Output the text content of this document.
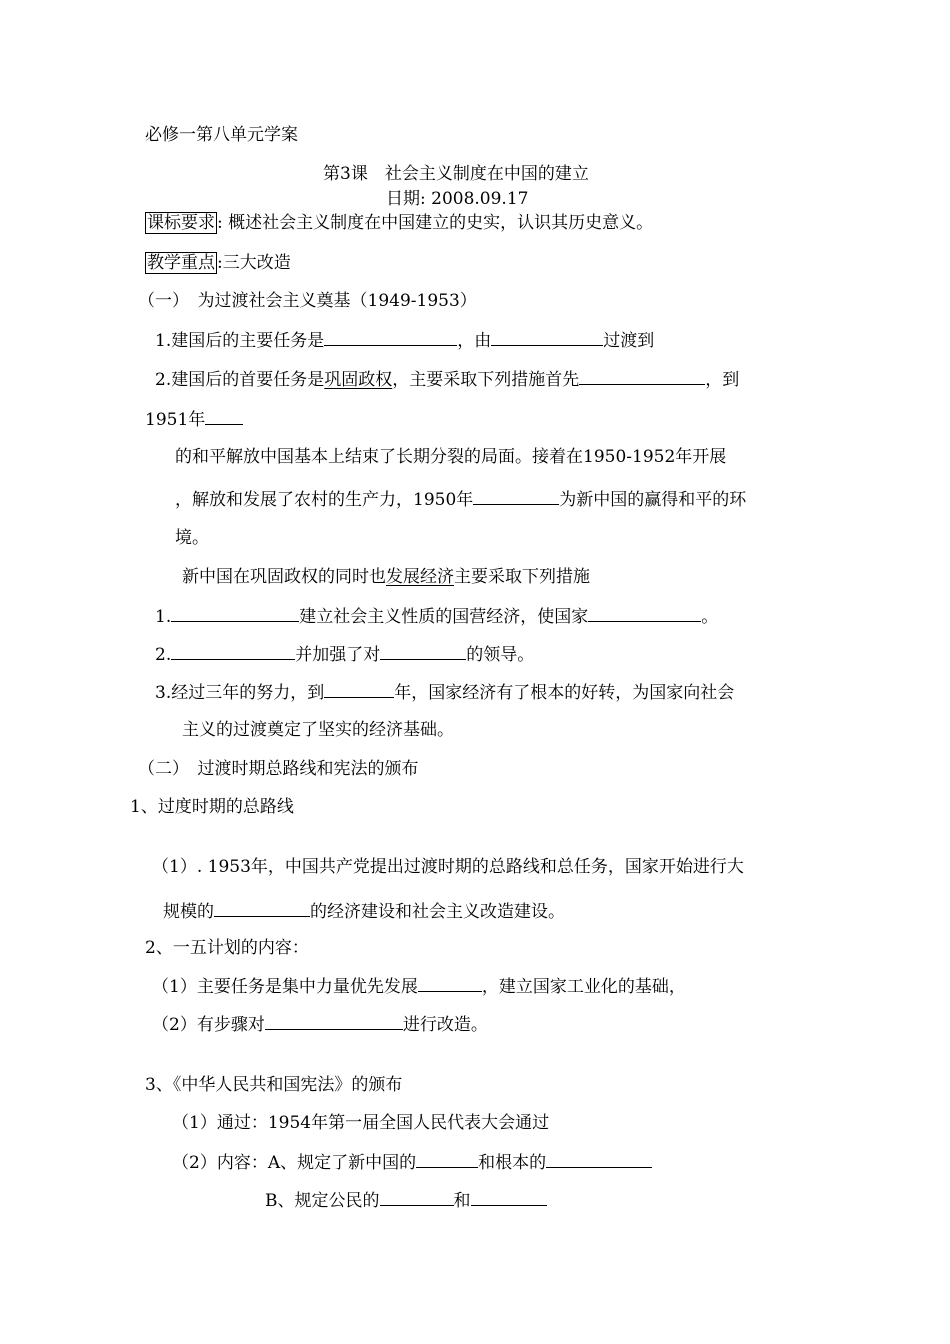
必修一第八单元学案
第3课　社会主义制度在中国的建立
日期: 2008.09.17
课标要求 : 概述社会主义制度在中国建立的史实，认识其历史意义。
教学重点 :三大改造
（一）　为过渡社会主义奠基（1949-1953）
1.建国后的主要任务是	，由	过渡到
2.建国后的首要任务是巩固政权，主要采取下列措施首先	，到
1951年
的和平解放中国基本上结束了长期分裂的局面。接着在1950-1952年开展
，解放和发展了农村的生产力，1950年	为新中国的赢得和平的环
境。
新中国在巩固政权的同时也发展经济主要采取下列措施
1.	建立社会主义性质的国营经济，使国家	。
2.	并加强了对	的领导。
3.经过三年的努力，到	年，国家经济有了根本的好转，为国家向社会
主义的过渡奠定了坚实的经济基础。
（二）　过渡时期总路线和宪法的颁布
1、过度时期的总路线
（1）. 1953年，中国共产党提出过渡时期的总路线和总任务，国家开始进行大
规模的	的经济建设和社会主义改造建设。
2、一五计划的内容：
（1）主要任务是集中力量优先发展	，建立国家工业化的基础，
（2）有步骤对	进行改造。
3、《中华人民共和国宪法》的颁布
（1）通过：1954年第一届全国人民代表大会通过
（2）内容：A、规定了新中国的	和根本的
B、规定公民的	和
